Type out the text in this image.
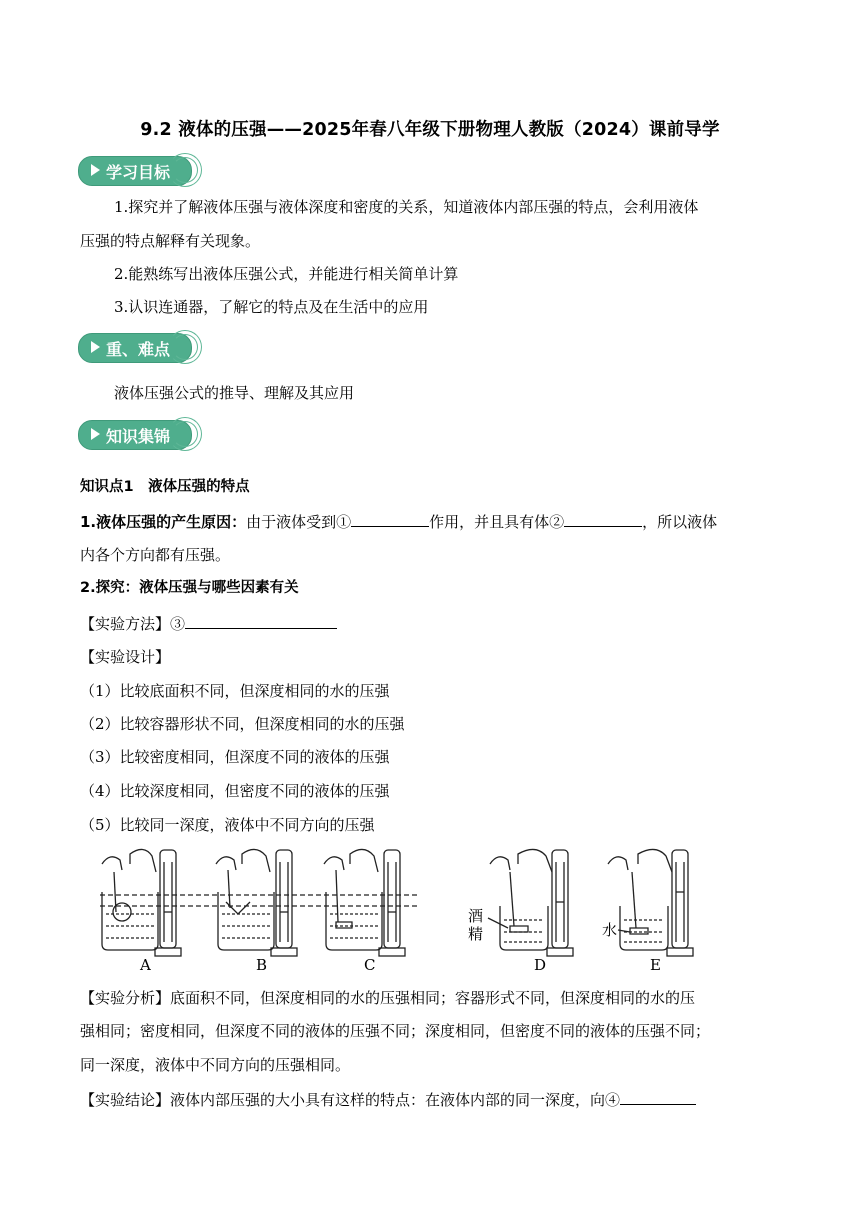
9.2 液体的压强——2025年春八年级下册物理人教版（2024）课前导学
学习目标
1.探究并了解液体压强与液体深度和密度的关系，知道液体内部压强的特点，会利用液体
压强的特点解释有关现象。
2.能熟练写出液体压强公式，并能进行相关简单计算
3.认识连通器，了解它的特点及在生活中的应用
重、难点
液体压强公式的推导、理解及其应用
知识集锦
知识点1　液体压强的特点
1.液体压强的产生原因：由于液体受到①	作用，并且具有体②	，所以液体
内各个方向都有压强。
2.探究：液体压强与哪些因素有关
【实验方法】③
【实验设计】
（1）比较底面积不同，但深度相同的水的压强
（2）比较容器形状不同，但深度相同的水的压强
（3）比较密度相同，但深度不同的液体的压强
（4）比较深度相同，但密度不同的液体的压强
（5）比较同一深度，液体中不同方向的压强
A	B	C	D	E
酒
精	水
【实验分析】底面积不同，但深度相同的水的压强相同；容器形式不同，但深度相同的水的压
强相同；密度相同，但深度不同的液体的压强不同；深度相同，但密度不同的液体的压强不同；
同一深度，液体中不同方向的压强相同。
【实验结论】液体内部压强的大小具有这样的特点：在液体内部的同一深度，向④
